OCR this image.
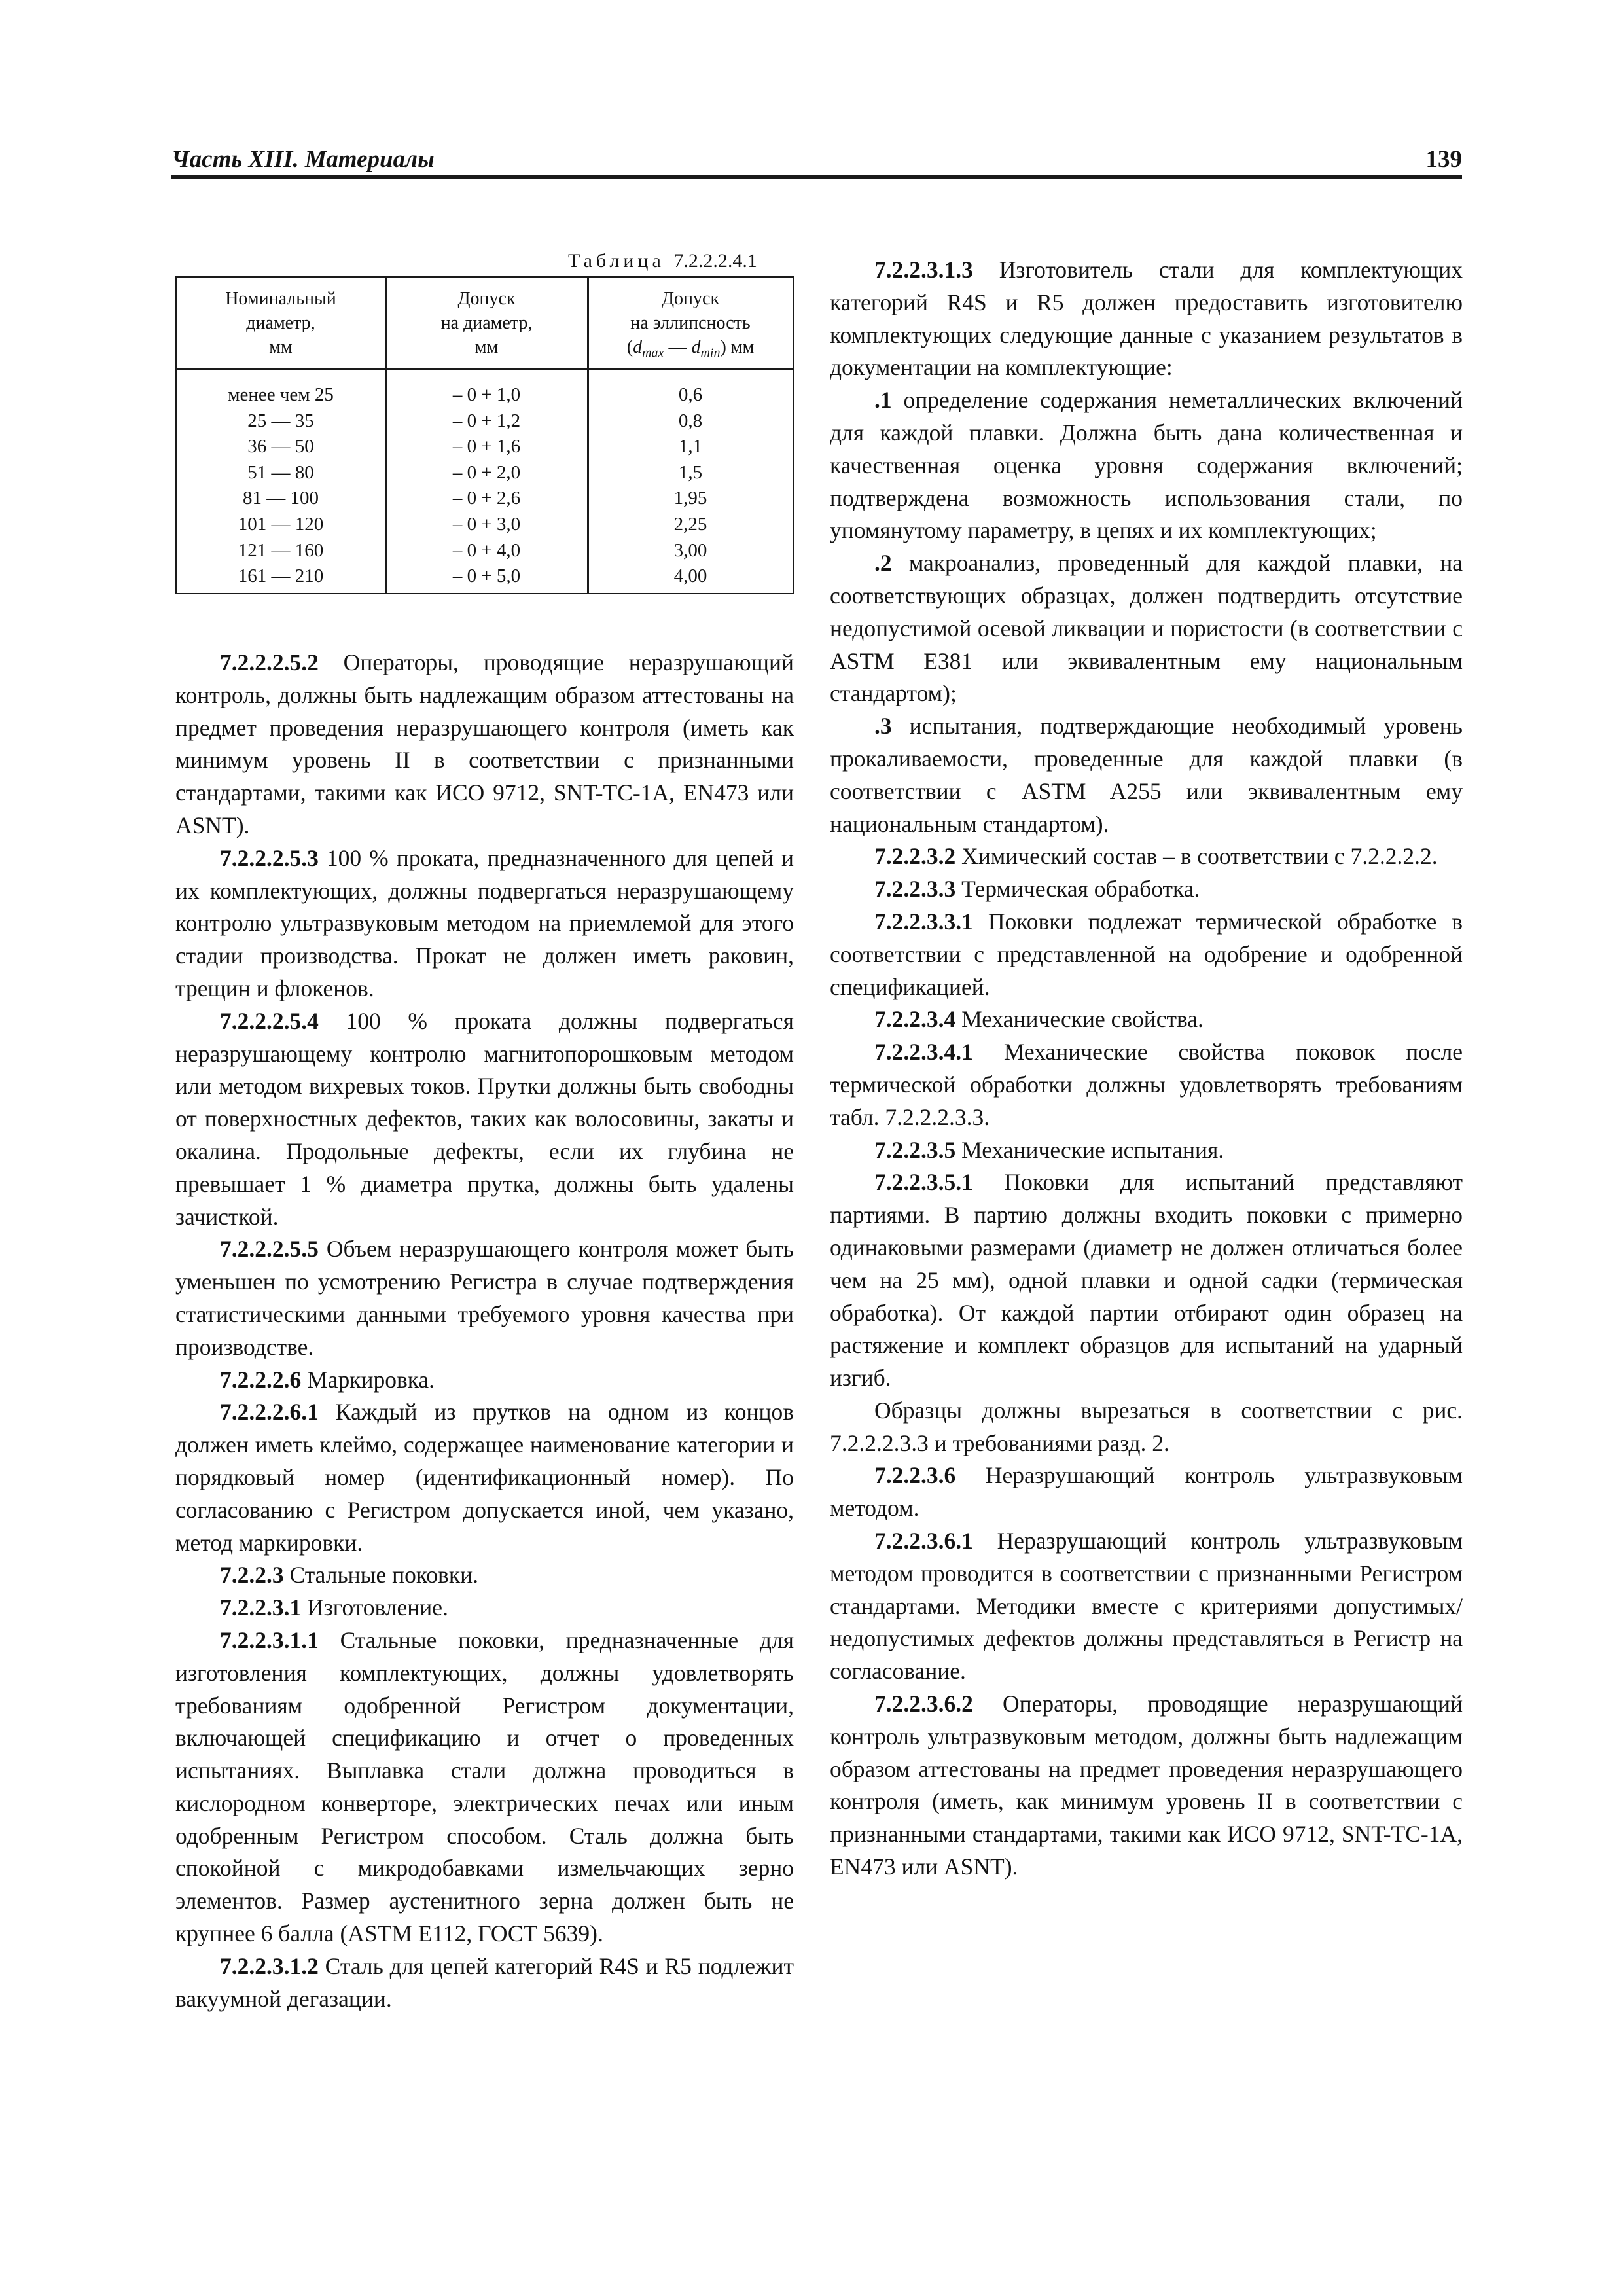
Часть XIII. Материалы	139
Таблица 7.2.2.2.4.1
Номинальный
диаметр,
мм
Допуск
на диаметр,
мм
Допуск
на эллипсность
($d_{max}$ — $d_{min}$) мм
менее чем 25
25 — 35
36 — 50
51 — 80
81 — 100
101 — 120
121 — 160
161 — 210
– 0 + 1,0
– 0 + 1,2
– 0 + 1,6
– 0 + 2,0
– 0 + 2,6
– 0 + 3,0
– 0 + 4,0
– 0 + 5,0
0,6
0,8
1,1
1,5
1,95
2,25
3,00
4,00

7.2.2.2.5.2 Операторы, проводящие неразрушающий контроль, должны быть надлежащим образом аттестованы на предмет проведения неразрушающего контроля (иметь как минимум уровень II в соответствии с признанными стандартами, такими как ИСО 9712, SNT-TC-1A, EN473 или ASNT).

7.2.2.2.5.3 100 % проката, предназначенного для цепей и их комплектующих, должны подвергаться неразрушающему контролю ультразвуковым методом на приемлемой для этого стадии производства. Прокат не должен иметь раковин, трещин и флокенов.

7.2.2.2.5.4 100 % проката должны подвергаться неразрушающему контролю магнитопорошковым методом или методом вихревых токов. Прутки должны быть свободны от поверхностных дефектов, таких как волосовины, закаты и окалина. Продольные дефекты, если их глубина не превышает 1 % диаметра прутка, должны быть удалены зачисткой.

7.2.2.2.5.5 Объем неразрушающего контроля может быть уменьшен по усмотрению Регистра в случае подтверждения статистическими данными требуемого уровня качества при производстве.

7.2.2.2.6 Маркировка.

7.2.2.2.6.1 Каждый из прутков на одном из концов должен иметь клеймо, содержащее наименование категории и порядковый номер (идентификационный номер). По согласованию с Регистром допускается иной, чем указано, метод маркировки.

7.2.2.3 Стальные поковки.

7.2.2.3.1 Изготовление.

7.2.2.3.1.1 Стальные поковки, предназначенные для изготовления комплектующих, должны удовлетворять требованиям одобренной Регистром документации, включающей спецификацию и отчет о проведенных испытаниях. Выплавка стали должна проводиться в кислородном конверторе, электрических печах или иным одобренным Регистром способом. Сталь должна быть спокойной с микродобавками измельчающих зерно элементов. Размер аустенитного зерна должен быть не крупнее 6 балла (ASTM E112, ГОСТ 5639).

7.2.2.3.1.2 Сталь для цепей категорий R4S и R5 подлежит вакуумной дегазации.

7.2.2.3.1.3 Изготовитель стали для комплектующих категорий R4S и R5 должен предоставить изготовителю комплектующих следующие данные с указанием результатов в документации на комплектующие:

.1 определение содержания неметаллических включений для каждой плавки. Должна быть дана количественная и качественная оценка уровня содержания включений; подтверждена возможность использования стали, по упомянутому параметру, в цепях и их комплектующих;

.2 макроанализ, проведенный для каждой плавки, на соответствующих образцах, должен подтвердить отсутствие недопустимой осевой ликвации и пористости (в соответствии с ASTM E381 или эквивалентным ему национальным стандартом);

.3 испытания, подтверждающие необходимый уровень прокаливаемости, проведенные для каждой плавки (в соответствии с ASTM A255 или эквивалентным ему национальным стандартом).

7.2.2.3.2 Химический состав – в соответствии с 7.2.2.2.2.

7.2.2.3.3 Термическая обработка.

7.2.2.3.3.1 Поковки подлежат термической обработке в соответствии с представленной на одобрение и одобренной спецификацией.

7.2.2.3.4 Механические свойства.

7.2.2.3.4.1 Механические свойства поковок после термической обработки должны удовлетворять требованиям табл. 7.2.2.2.3.3.

7.2.2.3.5 Механические испытания.

7.2.2.3.5.1 Поковки для испытаний представляют партиями. В партию должны входить поковки с примерно одинаковыми размерами (диаметр не должен отличаться более чем на 25 мм), одной плавки и одной садки (термическая обработка). От каждой партии отбирают один образец на растяжение и комплект образцов для испытаний на ударный изгиб.

Образцы должны вырезаться в соответствии с рис. 7.2.2.2.3.3 и требованиями разд. 2.

7.2.2.3.6 Неразрушающий контроль ультразвуковым методом.

7.2.2.3.6.1 Неразрушающий контроль ультразвуковым методом проводится в соответствии с признанными Регистром стандартами. Методики вместе с критериями допустимых/недопустимых дефектов должны представляться в Регистр на согласование.

7.2.2.3.6.2 Операторы, проводящие неразрушающий контроль ультразвуковым методом, должны быть надлежащим образом аттестованы на предмет проведения неразрушающего контроля (иметь, как минимум уровень II в соответствии с признанными стандартами, такими как ИСО 9712, SNT-TC-1A, EN473 или ASNT).
